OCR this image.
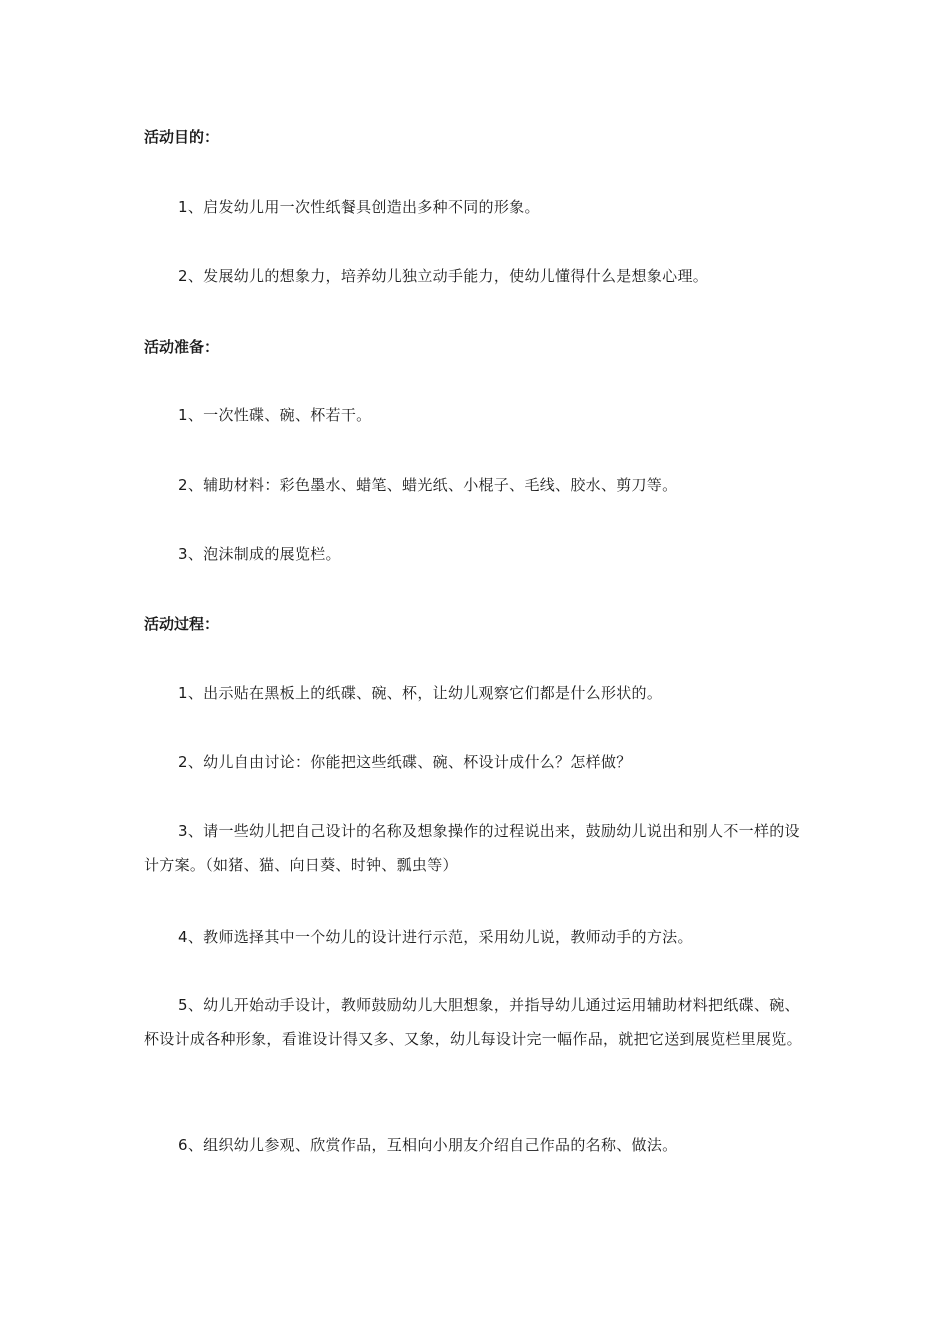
活动目的：
1、启发幼儿用一次性纸餐具创造出多种不同的形象。
2、发展幼儿的想象力，培养幼儿独立动手能力，使幼儿懂得什么是想象心理。
活动准备：
1、一次性碟、碗、杯若干。
2、辅助材料：彩色墨水、蜡笔、蜡光纸、小棍子、毛线、胶水、剪刀等。
3、泡沫制成的展览栏。
活动过程：
1、出示贴在黑板上的纸碟、碗、杯，让幼儿观察它们都是什么形状的。
2、幼儿自由讨论：你能把这些纸碟、碗、杯设计成什么？怎样做？
3、请一些幼儿把自己设计的名称及想象操作的过程说出来，鼓励幼儿说出和别人不一样的设计方案。（如猪、猫、向日葵、时钟、瓢虫等）
4、教师选择其中一个幼儿的设计进行示范，采用幼儿说，教师动手的方法。
5、幼儿开始动手设计，教师鼓励幼儿大胆想象，并指导幼儿通过运用辅助材料把纸碟、碗、杯设计成各种形象，看谁设计得又多、又象，幼儿每设计完一幅作品，就把它送到展览栏里展览。
6、组织幼儿参观、欣赏作品，互相向小朋友介绍自己作品的名称、做法。
